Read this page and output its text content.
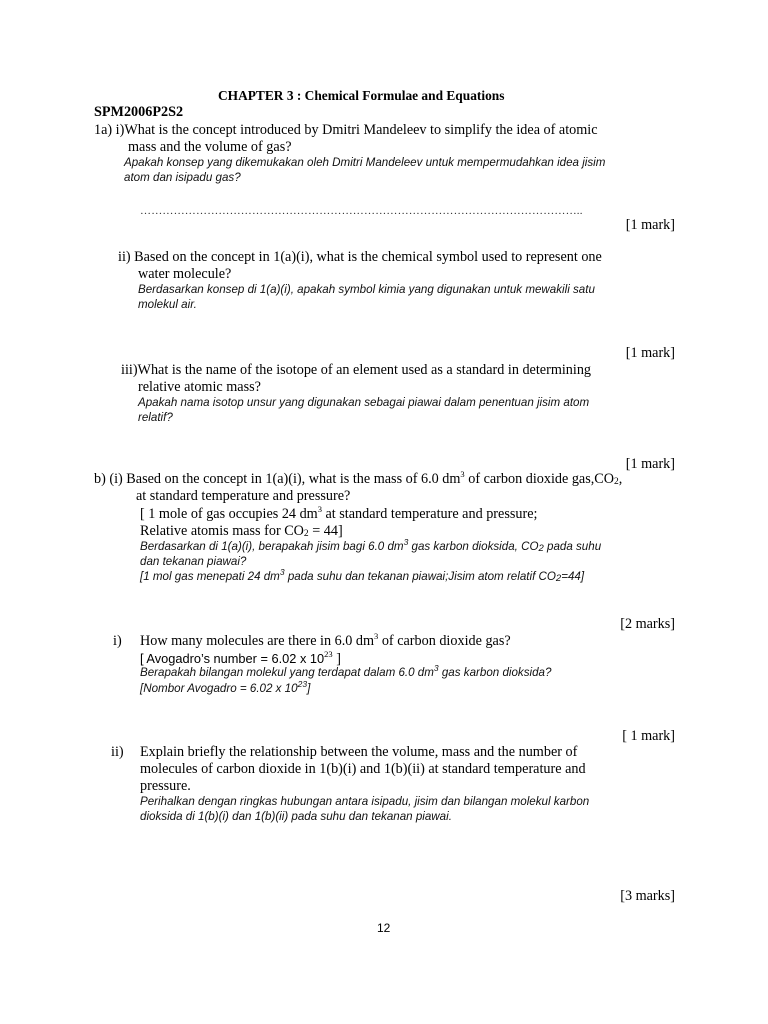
CHAPTER 3 : Chemical Formulae and Equations
SPM2006P2S2
1a) i)What is the concept introduced by Dmitri Mandeleev to simplify the idea of atomic
mass and the volume of gas?
Apakah konsep yang dikemukakan oleh Dmitri Mandeleev untuk mempermudahkan idea jisim
atom dan isipadu gas?
………………………………………………………………………………………………………..
[1 mark]
ii) Based on the concept in 1(a)(i), what is the chemical symbol used to represent one
water molecule?
Berdasarkan konsep di 1(a)(i), apakah symbol kimia yang digunakan untuk mewakili satu
molekul air.
[1 mark]
iii)What is the name of the isotope of an element used as a standard in determining
relative atomic mass?
Apakah nama isotop unsur yang digunakan sebagai piawai dalam penentuan jisim atom
relatif?
[1 mark]
b) (i) Based on the concept in 1(a)(i), what is the mass of 6.0 $dm^3$ of carbon dioxide $gas,CO_2$,
at standard temperature and pressure?
[ 1 mole of gas occupies 24 $dm^3$ at standard temperature and pressure;
Relative atomis mass for $CO_2 = 44$]
Berdasarkan di 1(a)(i), berapakah jisim bagi 6.0 $dm^3$ gas karbon dioksida, $CO_2$ pada suhu
dan tekanan piawai?
[1 mol gas menepati 24 $dm^3$ pada suhu dan tekanan piawai;Jisim atom relatif $CO_2=44$]
[2 marks]
i) How many molecules are there in 6.0 $dm^3$ of carbon dioxide gas?
[ Avogadro’s number = 6.02 x $10^{23}$ ]
Berapakah bilangan molekul yang terdapat dalam 6.0 $dm^3$ gas karbon dioksida?
[Nombor Avogadro = 6.02 x $10^{23}$]
[ 1 mark]
ii) Explain briefly the relationship between the volume, mass and the number of
molecules of carbon dioxide in 1(b)(i) and 1(b)(ii) at standard temperature and
pressure.
Perihalkan dengan ringkas hubungan antara isipadu, jisim dan bilangan molekul karbon
dioksida di 1(b)(i) dan 1(b)(ii) pada suhu dan tekanan piawai.
[3 marks]
12
